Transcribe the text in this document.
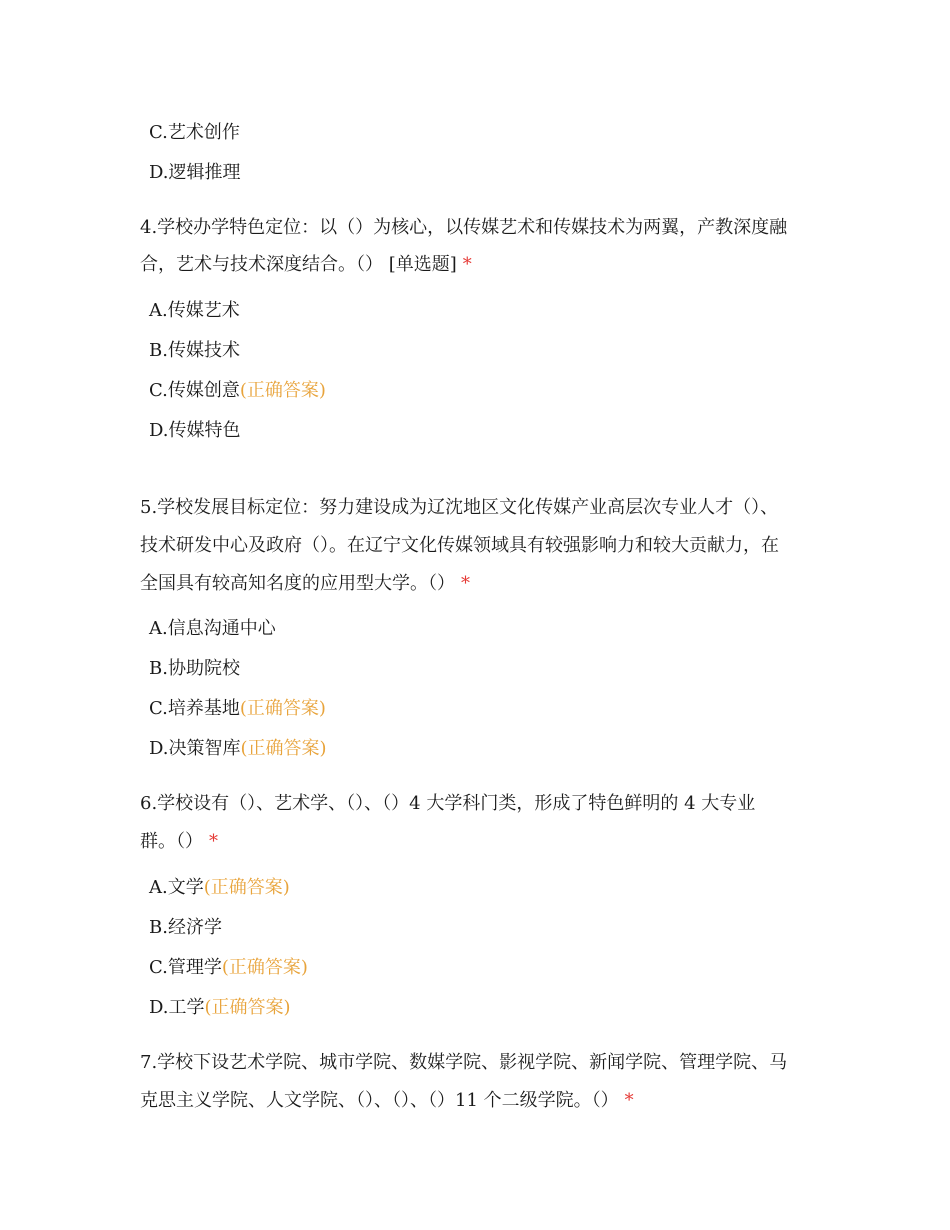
C.艺术创作
D.逻辑推理
4.学校办学特色定位：以（）为核心，以传媒艺术和传媒技术为两翼，产教深度融
合，艺术与技术深度结合。（） [单选题] *
A.传媒艺术
B.传媒技术
C.传媒创意(正确答案)
D.传媒特色
5.学校发展目标定位：努力建设成为辽沈地区文化传媒产业高层次专业人才（）、
技术研发中心及政府（）。在辽宁文化传媒领域具有较强影响力和较大贡献力，在
全国具有较高知名度的应用型大学。（） *
A.信息沟通中心
B.协助院校
C.培养基地(正确答案)
D.决策智库(正确答案)
6.学校设有（）、艺术学、（）、（）4 大学科门类，形成了特色鲜明的 4 大专业
群。（） *
A.文学(正确答案)
B.经济学
C.管理学(正确答案)
D.工学(正确答案)
7.学校下设艺术学院、城市学院、数媒学院、影视学院、新闻学院、管理学院、马
克思主义学院、人文学院、（）、（）、（）11 个二级学院。（） *
